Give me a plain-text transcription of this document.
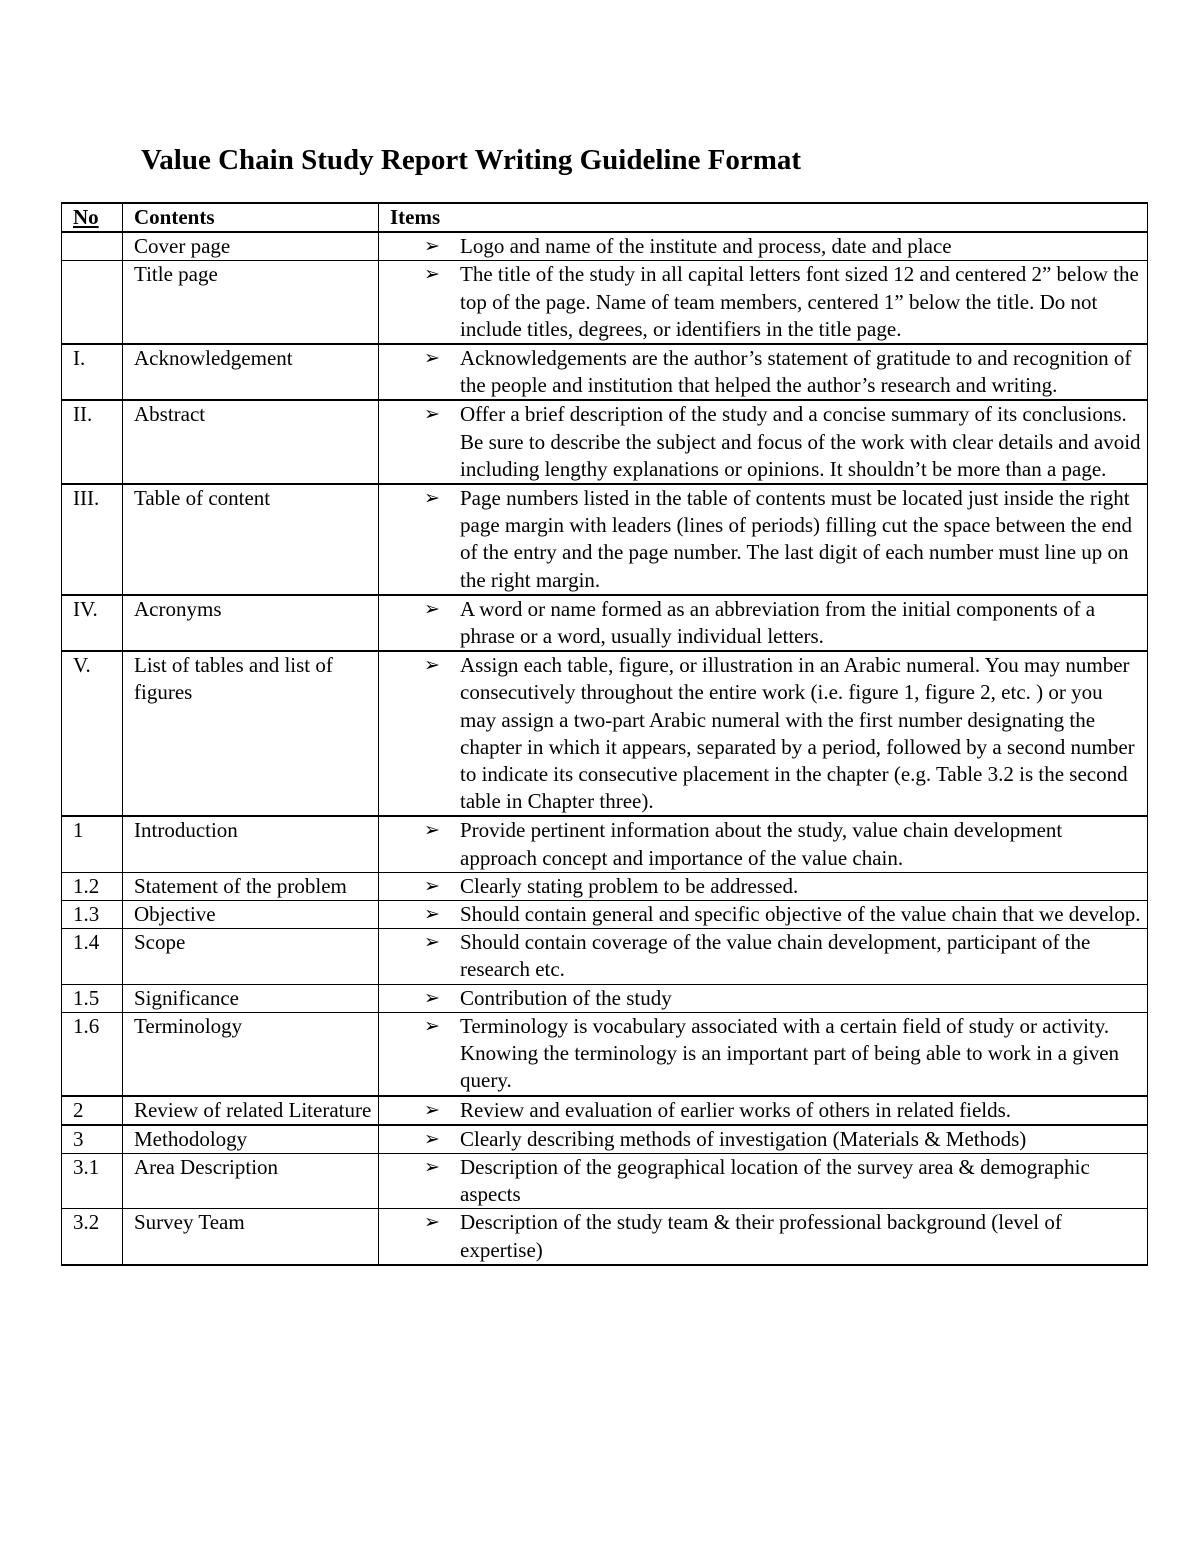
Value Chain Study Report Writing Guideline Format
No	Contents	Items
	Cover page	➢ Logo and name of the institute and process, date and place

	Title page	➢ The title of the study in all capital letters font sized 12 and centered 2” below the top of the page. Name of team members, centered 1” below the title. Do not include titles, degrees, or identifiers in the title page.

I.	Acknowledgement	➢ Acknowledgements are the author’s statement of gratitude to and recognition of the people and institution that helped the author’s research and writing.

II.	Abstract	➢ Offer a brief description of the study and a concise summary of its conclusions. Be sure to describe the subject and focus of the work with clear details and avoid including lengthy explanations or opinions. It shouldn’t be more than a page.

III.	Table of content	➢ Page numbers listed in the table of contents must be located just inside the right page margin with leaders (lines of periods) filling cut the space between the end of the entry and the page number. The last digit of each number must line up on the right margin.

IV.	Acronyms	➢ A word or name formed as an abbreviation from the initial components of a phrase or a word, usually individual letters.

V.	List of tables and list of figures	➢ Assign each table, figure, or illustration in an Arabic numeral. You may number consecutively throughout the entire work (i.e. figure 1, figure 2, etc. ) or you may assign a two-part Arabic numeral with the first number designating the chapter in which it appears, separated by a period, followed by a second number to indicate its consecutive placement in the chapter (e.g. Table 3.2 is the second table in Chapter three).

1	Introduction	➢ Provide pertinent information about the study, value chain development approach concept and importance of the value chain.

1.2	Statement of the problem	➢ Clearly stating problem to be addressed.

1.3	Objective	➢ Should contain general and specific objective of the value chain that we develop.

1.4	Scope	➢ Should contain coverage of the value chain development, participant of the research etc.

1.5	Significance	➢ Contribution of the study

1.6	Terminology	➢ Terminology is vocabulary associated with a certain field of study or activity. Knowing the terminology is an important part of being able to work in a given query.

2	Review of related Literature	➢ Review and evaluation of earlier works of others in related fields.

3	Methodology	➢ Clearly describing methods of investigation (Materials & Methods)

3.1	Area Description	➢ Description of the geographical location of the survey area & demographic aspects

3.2	Survey Team	➢ Description of the study team & their professional background (level of expertise)
